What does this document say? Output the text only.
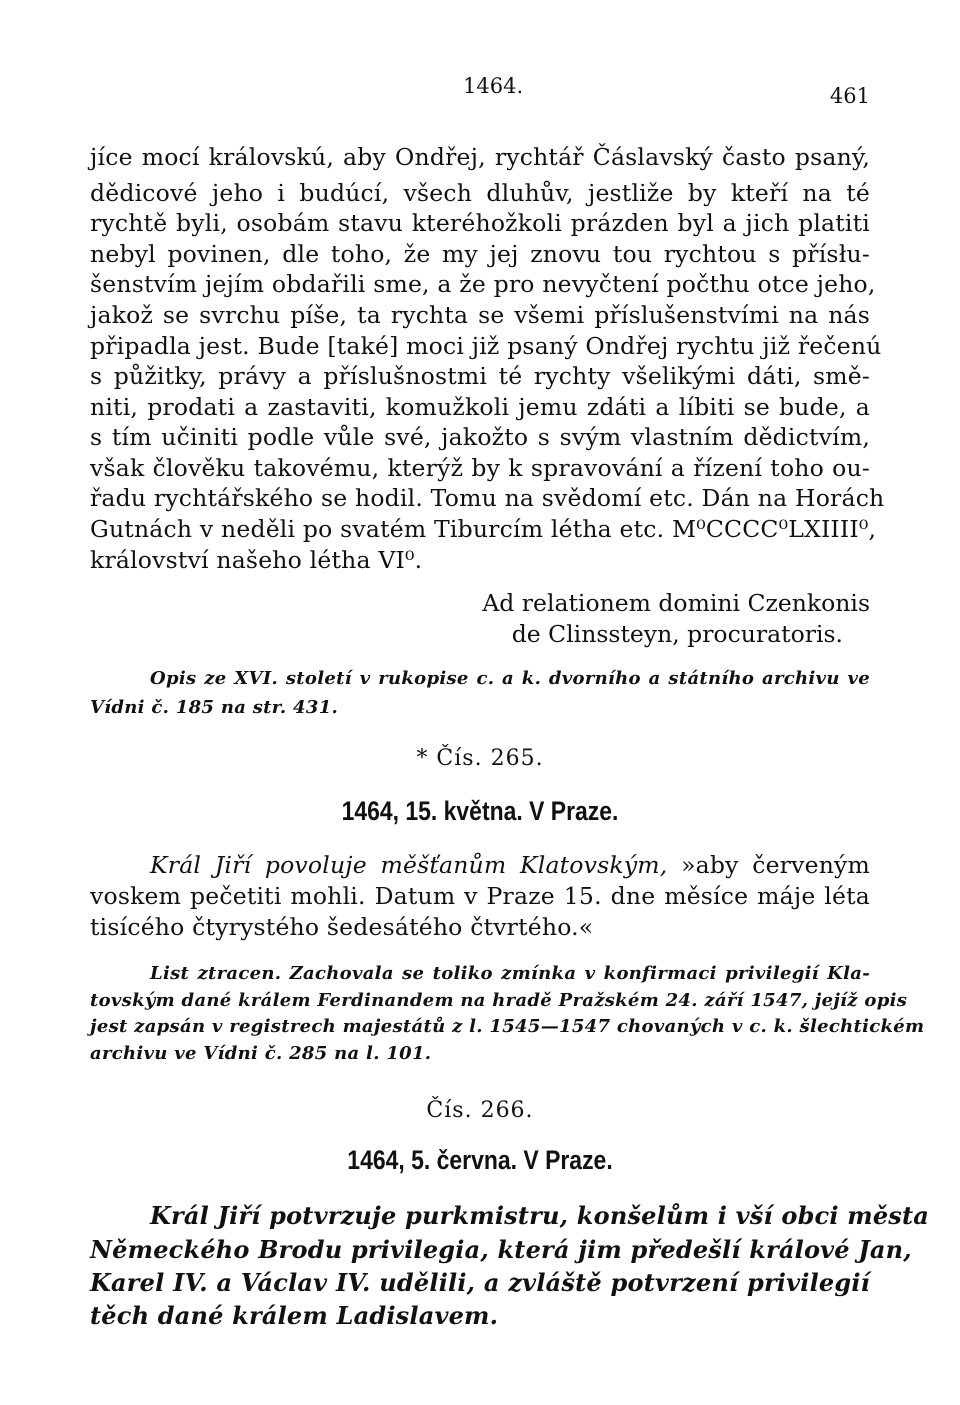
1464.	461
jíce mocí královskú, aby Ondřej, rychtář Čáslavský často psaný,
dědicové jeho i budúcí, všech dluhův, jestliže by kteří na té
rychtě byli, osobám stavu kteréhožkoli prázden byl a jich platiti
nebyl povinen, dle toho, že my jej znovu tou rychtou s přísłu-
šenstvím jejím obdařili sme, a že pro nevyčtení počthu otce jeho,
jakož se svrchu píše, ta rychta se všemi příslušenstvími na nás
připadla jest. Bude [také] moci již psaný Ondřej rychtu již řečenú
s půžitky, právy a příslušnostmi té rychty všelikými dáti, smě-
niti, prodati a zastaviti, komužkoli jemu zdáti a líbiti se bude, a
s tím učiniti podle vůle své, jakožto s svým vlastním dědictvím,
však člověku takovému, kterýž by k spravování a řízení toho ou-
řadu rychtářského se hodil. Tomu na svědomí etc. Dán na Horách
Gutnách v neděli po svatém Tiburcím létha etc. M⁰CCCC⁰LXIIII⁰,
království našeho létha VI⁰.
Ad relationem domini Czenkonis
de Clinssteyn, procuratoris.
Opis ze XVI. století v rukopise c. a k. dvorního a státního archivu ve
Vídni č. 185 na str. 431.
* Čís. 265.
1464, 15. května. V Praze.
Král Jiří povoluje měšťanům Klatovským, »aby červeným
voskem pečetiti mohli. Datum v Praze 15. dne měsíce máje léta
tisícého čtyrystého šedesátého čtvrtého.«
List ztracen. Zachovala se toliko zmínka v konfirmaci privilegií Kla-
tovským dané králem Ferdinandem na hradě Pražském 24. září 1547, jejíž opis
jest zapsán v registrech majestátů z l. 1545—1547 chovaných v c. k. šlechtickém
archivu ve Vídni č. 285 na l. 101.
Čís. 266.
1464, 5. června. V Praze.
Král Jiří potvrzuje purkmistru, konšelům i vší obci města
Německého Brodu privilegia, která jim předešlí králové Jan,
Karel IV. a Václav IV. udělili, a zvláště potvrzení privilegií
těch dané králem Ladislavem.
